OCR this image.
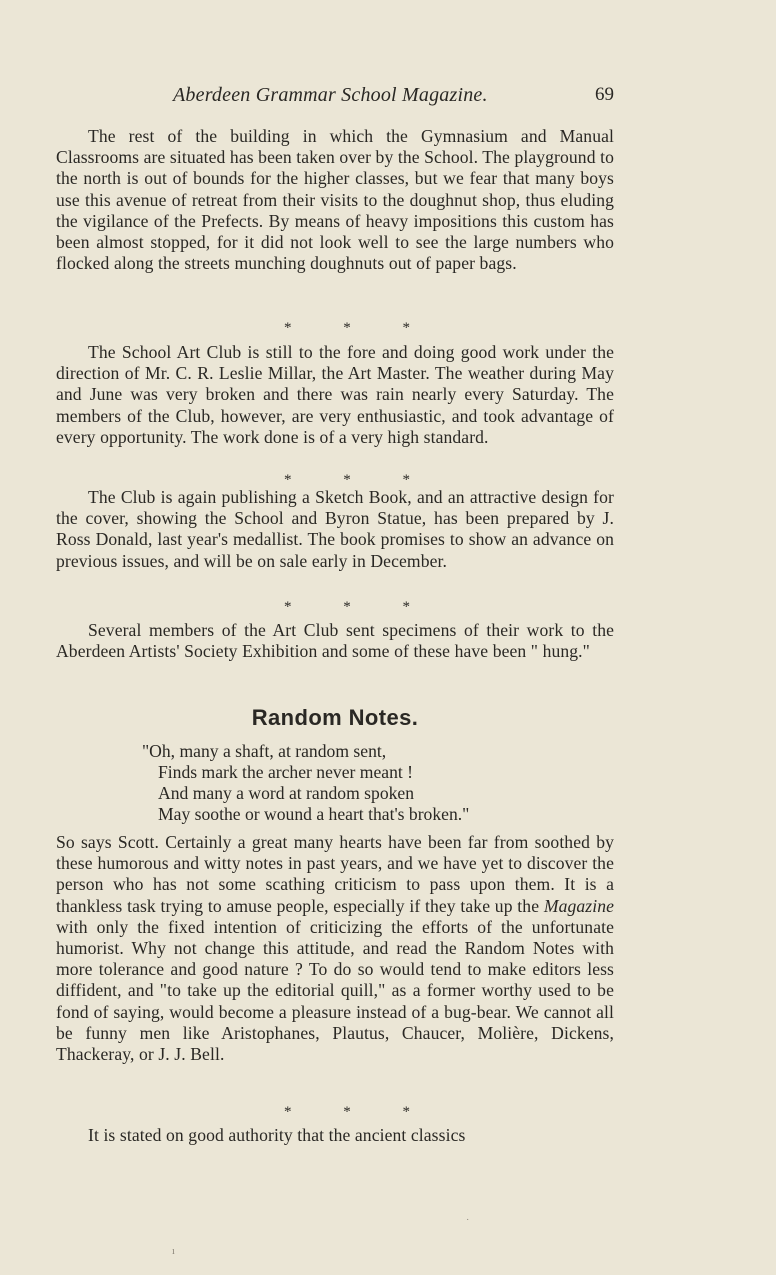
Aberdeen Grammar School Magazine.	69

The rest of the building in which the Gymnasium and Manual Classrooms are situated has been taken over by the School. The playground to the north is out of bounds for the higher classes, but we fear that many boys use this avenue of retreat from their visits to the doughnut shop, thus eluding the vigilance of the Prefects. By means of heavy impositions this custom has been almost stopped, for it did not look well to see the large numbers who flocked along the streets munching doughnuts out of paper bags.

* * *

The School Art Club is still to the fore and doing good work under the direction of Mr. C. R. Leslie Millar, the Art Master. The weather during May and June was very broken and there was rain nearly every Saturday. The members of the Club, however, are very enthusiastic, and took advantage of every opportunity. The work done is of a very high standard.

* * *

The Club is again publishing a Sketch Book, and an attractive design for the cover, showing the School and Byron Statue, has been prepared by J. Ross Donald, last year's medallist. The book promises to show an advance on previous issues, and will be on sale early in December.

* * *

Several members of the Art Club sent specimens of their work to the Aberdeen Artists' Society Exhibition and some of these have been " hung."

Random Notes.

"Oh, many a shaft, at random sent,
Finds mark the archer never meant !
And many a word at random spoken
May soothe or wound a heart that's broken."

So says Scott. Certainly a great many hearts have been far from soothed by these humorous and witty notes in past years, and we have yet to discover the person who has not some scathing criticism to pass upon them. It is a thankless task trying to amuse people, especially if they take up the Magazine with only the fixed intention of criticizing the efforts of the unfortunate humorist. Why not change this attitude, and read the Random Notes with more tolerance and good nature ? To do so would tend to make editors less diffident, and "to take up the editorial quill," as a former worthy used to be fond of saying, would become a pleasure instead of a bug-bear. We cannot all be funny men like Aristophanes, Plautus, Chaucer, Molière, Dickens, Thackeray, or J. J. Bell.

* * *

It is stated on good authority that the ancient classics

˙
ı
